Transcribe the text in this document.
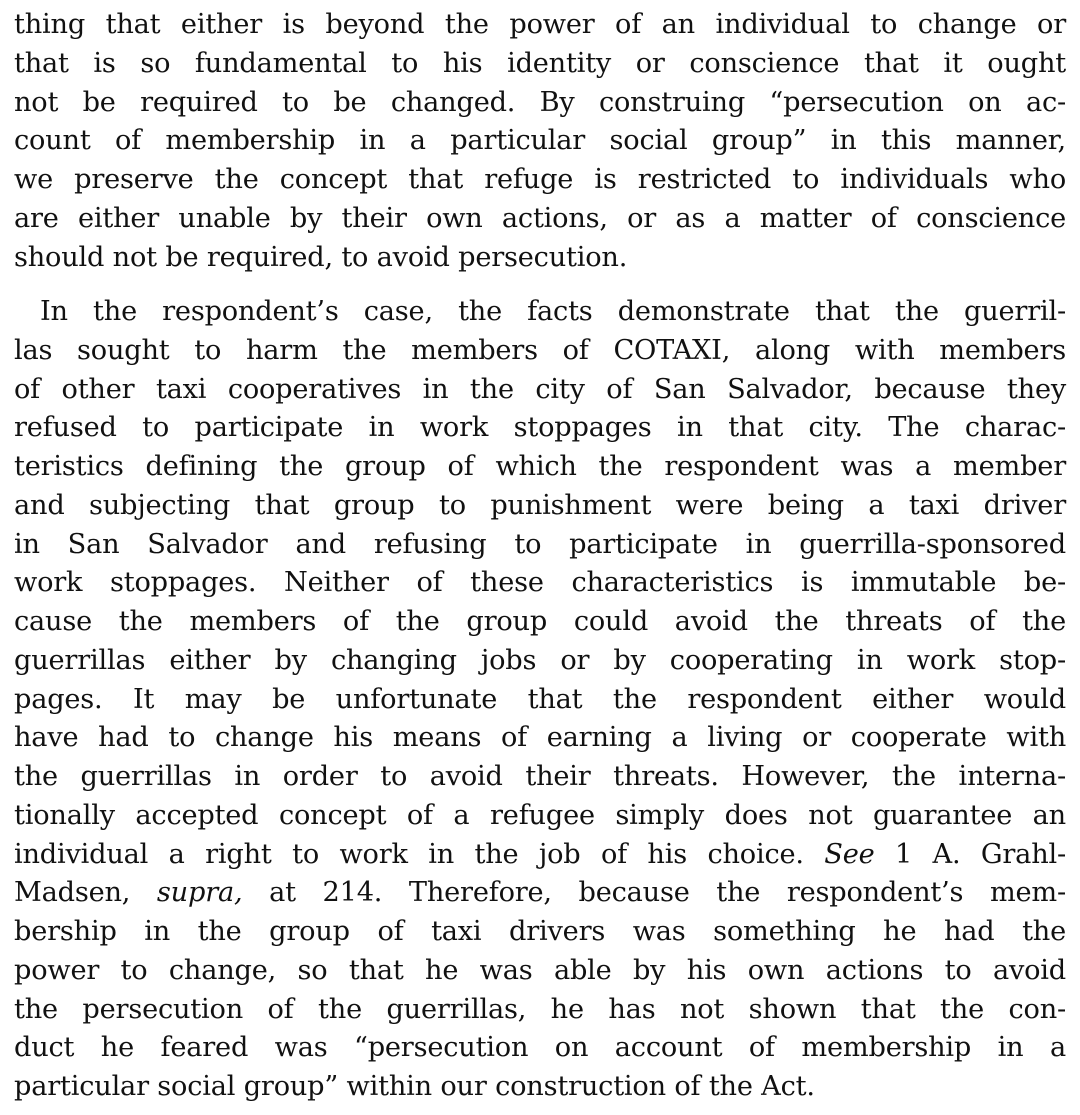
thing that either is beyond the power of an individual to change or
that is so fundamental to his identity or conscience that it ought
not be required to be changed. By construing “persecution on ac-
count of membership in a particular social group” in this manner,
we preserve the concept that refuge is restricted to individuals who
are either unable by their own actions, or as a matter of conscience
should not be required, to avoid persecution.
In the respondent’s case, the facts demonstrate that the guerril-
las sought to harm the members of COTAXI, along with members
of other taxi cooperatives in the city of San Salvador, because they
refused to participate in work stoppages in that city. The charac-
teristics defining the group of which the respondent was a member
and subjecting that group to punishment were being a taxi driver
in San Salvador and refusing to participate in guerrilla-sponsored
work stoppages. Neither of these characteristics is immutable be-
cause the members of the group could avoid the threats of the
guerrillas either by changing jobs or by cooperating in work stop-
pages. It may be unfortunate that the respondent either would
have had to change his means of earning a living or cooperate with
the guerrillas in order to avoid their threats. However, the interna-
tionally accepted concept of a refugee simply does not guarantee an
individual a right to work in the job of his choice. See 1 A. Grahl-
Madsen, supra, at 214. Therefore, because the respondent’s mem-
bership in the group of taxi drivers was something he had the
power to change, so that he was able by his own actions to avoid
the persecution of the guerrillas, he has not shown that the con-
duct he feared was “persecution on account of membership in a
particular social group” within our construction of the Act.
